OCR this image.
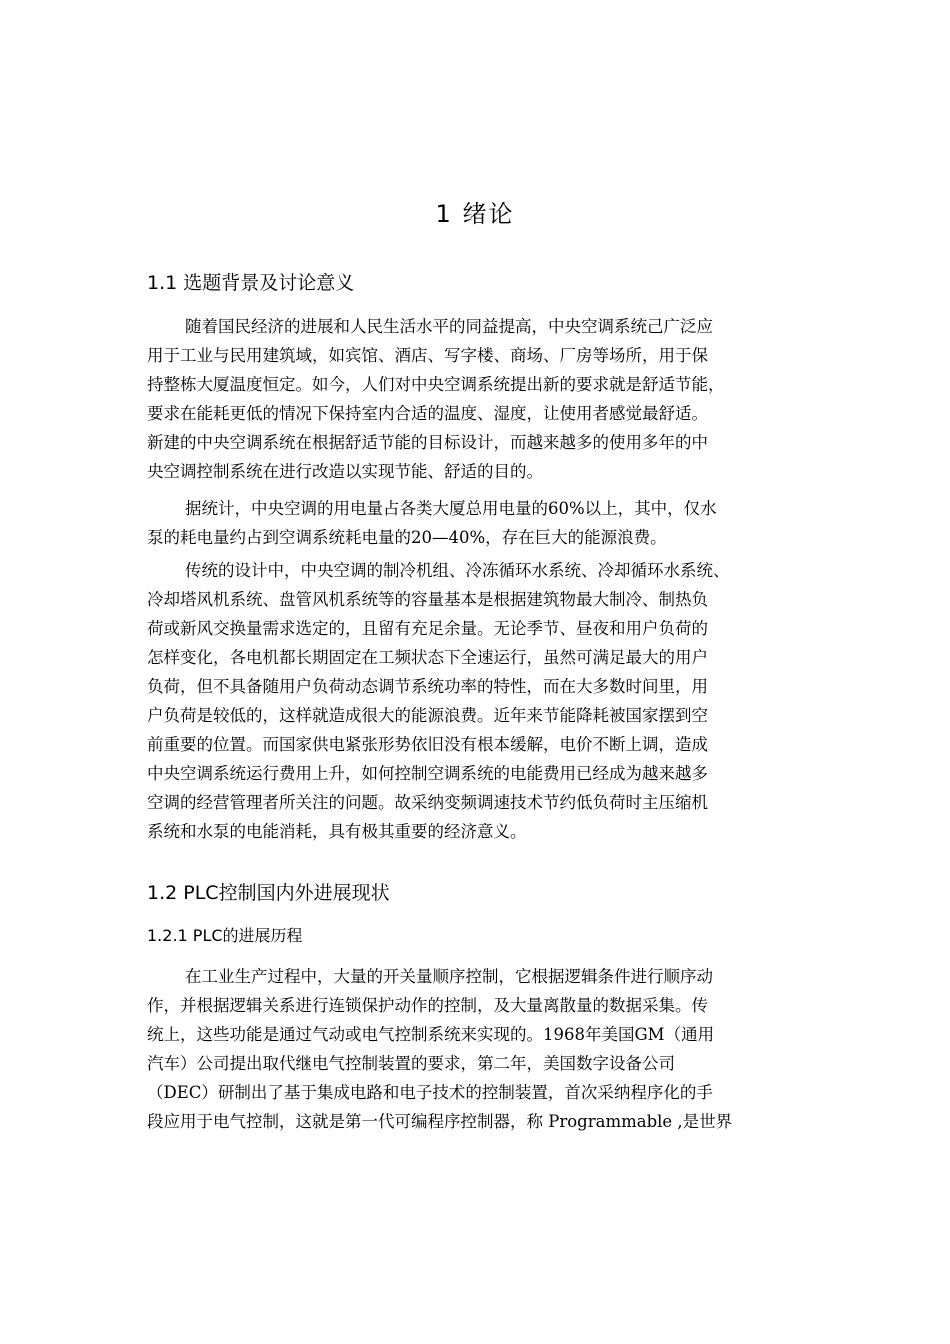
1 绪论
1.1 选题背景及讨论意义
随着国民经济的进展和人民生活水平的同益提高，中央空调系统己广泛应
用于工业与民用建筑域，如宾馆、酒店、写字楼、商场、厂房等场所，用于保
持整栋大厦温度恒定。如今，人们对中央空调系统提出新的要求就是舒适节能，
要求在能耗更低的情况下保持室内合适的温度、湿度，让使用者感觉最舒适。
新建的中央空调系统在根据舒适节能的目标设计，而越来越多的使用多年的中
央空调控制系统在进行改造以实现节能、舒适的目的。
据统计，中央空调的用电量占各类大厦总用电量的60%以上，其中，仅水
泵的耗电量约占到空调系统耗电量的20—40%，存在巨大的能源浪费。
传统的设计中，中央空调的制冷机组、冷冻循环水系统、冷却循环水系统、
冷却塔风机系统、盘管风机系统等的容量基本是根据建筑物最大制冷、制热负
荷或新风交换量需求选定的，且留有充足余量。无论季节、昼夜和用户负荷的
怎样变化，各电机都长期固定在工频状态下全速运行，虽然可满足最大的用户
负荷，但不具备随用户负荷动态调节系统功率的特性，而在大多数时间里，用
户负荷是较低的，这样就造成很大的能源浪费。近年来节能降耗被国家摆到空
前重要的位置。而国家供电紧张形势依旧没有根本缓解，电价不断上调，造成
中央空调系统运行费用上升，如何控制空调系统的电能费用已经成为越来越多
空调的经营管理者所关注的问题。故采纳变频调速技术节约低负荷时主压缩机
系统和水泵的电能消耗，具有极其重要的经济意义。
1.2 PLC控制国内外进展现状
1.2.1 PLC的进展历程
在工业生产过程中，大量的开关量顺序控制，它根据逻辑条件进行顺序动
作，并根据逻辑关系进行连锁保护动作的控制，及大量离散量的数据采集。传
统上，这些功能是通过气动或电气控制系统来实现的。1968年美国GM（通用
汽车）公司提出取代继电气控制装置的要求，第二年，美国数字设备公司
（DEC）研制出了基于集成电路和电子技术的控制装置，首次采纳程序化的手
段应用于电气控制，这就是第一代可编程序控制器，称 Programmable ,是世界
